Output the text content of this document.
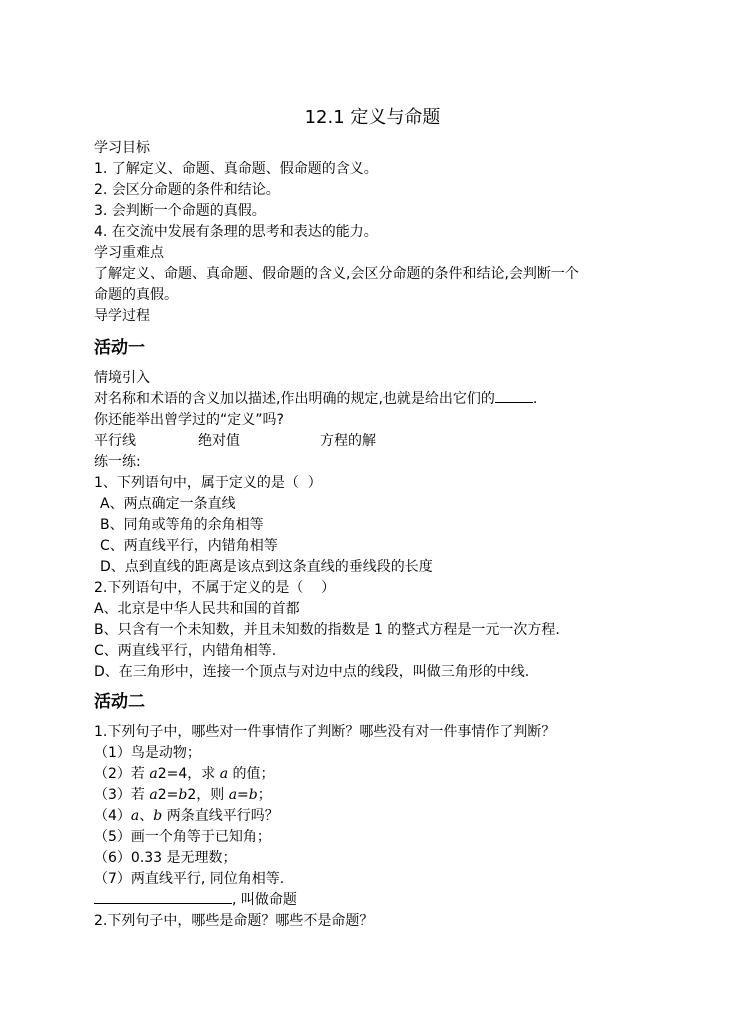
12.1 定义与命题
学习目标
1. 了解定义、命题、真命题、假命题的含义。
2. 会区分命题的条件和结论。
3. 会判断一个命题的真假。
4. 在交流中发展有条理的思考和表达的能力。
学习重难点
了解定义、命题、真命题、假命题的含义,会区分命题的条件和结论,会判断一个
命题的真假。
导学过程
活动一
情境引入
对名称和术语的含义加以描述,作出明确的规定,也就是给出它们的	.
你还能举出曾学过的“定义”吗?
平行线	绝对值	方程的解
练一练:
1、下列语句中，属于定义的是（  ）
A、两点确定一条直线
B、同角或等角的余角相等
C、两直线平行，内错角相等
D、点到直线的距离是该点到这条直线的垂线段的长度
2.下列语句中，不属于定义的是（    ）
A、北京是中华人民共和国的首都
B、只含有一个未知数，并且未知数的指数是 1 的整式方程是一元一次方程.
C、两直线平行，内错角相等.
D、在三角形中，连接一个顶点与对边中点的线段，叫做三角形的中线.
活动二
1.下列句子中，哪些对一件事情作了判断？哪些没有对一件事情作了判断？
（1）鸟是动物；
（2）若 a2=4，求 a 的值；
（3）若 a2=b2，则 a=b；
（4）a、b 两条直线平行吗？
（5）画一个角等于已知角；
（6）0.33 是无理数；
（7）两直线平行, 同位角相等.
, 叫做命题
2.下列句子中，哪些是命题？哪些不是命题？
